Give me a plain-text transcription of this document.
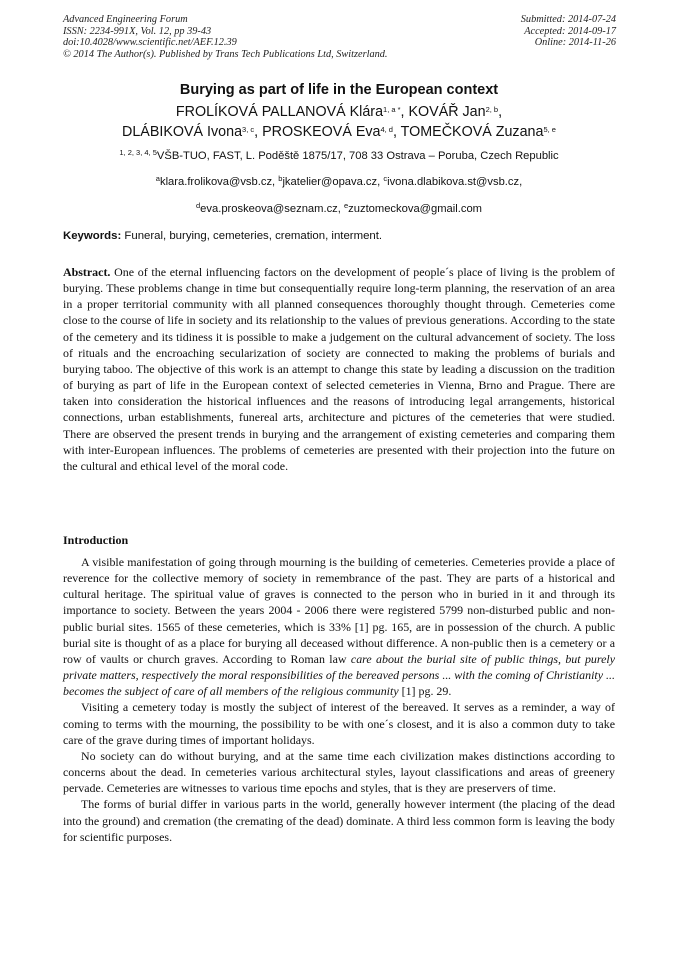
Advanced Engineering Forum
ISSN: 2234-991X, Vol. 12, pp 39-43
doi:10.4028/www.scientific.net/AEF.12.39
© 2014 The Author(s). Published by Trans Tech Publications Ltd, Switzerland.
Submitted: 2014-07-24
Accepted: 2014-09-17
Online: 2014-11-26
Burying as part of life in the European context
FROLÍKOVÁ PALLANOVÁ Klára$^{1, a *}$, KOVÁŘ Jan$^{2, b}$,
DLÁBIKOVÁ Ivona$^{3, c}$, PROSKEOVÁ Eva$^{4, d}$, TOMEČKOVÁ Zuzana$^{5, e}$
$^{1, 2, 3, 4, 5}$VŠB-TUO, FAST, L. Poděště 1875/17, 708 33 Ostrava – Poruba, Czech Republic
$^a$klara.frolikova@vsb.cz, $^b$jkatelier@opava.cz, $^c$ivona.dlabikova.st@vsb.cz,
$^d$eva.proskeova@seznam.cz, $^e$zuztomeckova@gmail.com
Keywords: Funeral, burying, cemeteries, cremation, interment.
Abstract. One of the eternal influencing factors on the development of people´s place of living is the problem of burying. These problems change in time but consequentially require long-term planning, the reservation of an area in a proper territorial community with all planned consequences thoroughly thought through. Cemeteries come close to the course of life in society and its relationship to the values of previous generations. According to the state of the cemetery and its tidiness it is possible to make a judgement on the cultural advancement of society. The loss of rituals and the encroaching secularization of society are connected to making the problems of burials and burying taboo. The objective of this work is an attempt to change this state by leading a discussion on the tradition of burying as part of life in the European context of selected cemeteries in Vienna, Brno and Prague. There are taken into consideration the historical influences and the reasons of introducing legal arrangements, historical connections, urban establishments, funereal arts, architecture and pictures of the cemeteries that were studied. There are observed the present trends in burying and the arrangement of existing cemeteries and comparing them with inter-European influences. The problems of cemeteries are presented with their projection into the future on the cultural and ethical level of the moral code.
Introduction

A visible manifestation of going through mourning is the building of cemeteries. Cemeteries provide a place of reverence for the collective memory of society in remembrance of the past. They are parts of a historical and cultural heritage. The spiritual value of graves is connected to the person who in buried in it and through its importance to society. Between the years 2004 - 2006 there were registered 5799 non-disturbed public and non-public burial sites. 1565 of these cemeteries, which is 33% [1] pg. 165, are in possession of the church. A public burial site is thought of as a place for burying all deceased without difference. A non-public then is a cemetery or a row of vaults or church graves. According to Roman law care about the burial site of public things, but purely private matters, respectively the moral responsibilities of the bereaved persons ... with the coming of Christianity ... becomes the subject of care of all members of the religious community [1] pg. 29.

Visiting a cemetery today is mostly the subject of interest of the bereaved. It serves as a reminder, a way of coming to terms with the mourning, the possibility to be with one´s closest, and it is also a common duty to take care of the grave during times of important holidays.

No society can do without burying, and at the same time each civilization makes distinctions according to concerns about the dead. In cemeteries various architectural styles, layout classifications and areas of greenery pervade. Cemeteries are witnesses to various time epochs and styles, that is they are preservers of time.

The forms of burial differ in various parts in the world, generally however interment (the placing of the dead into the ground) and cremation (the cremating of the dead) dominate. A third less common form is leaving the body for scientific purposes.
